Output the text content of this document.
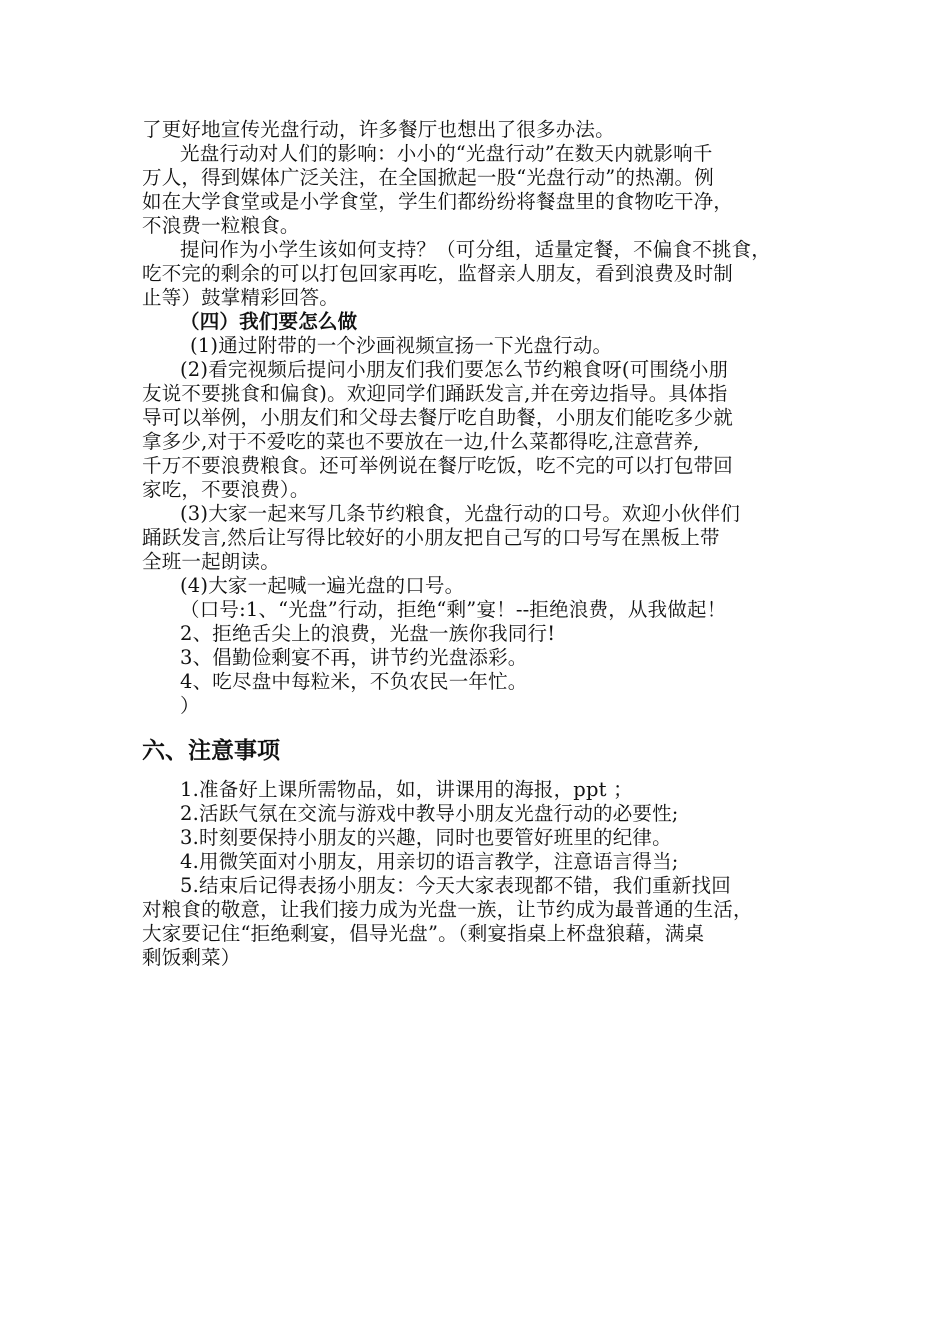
了更好地宣传光盘行动，许多餐厅也想出了很多办法。
光盘行动对人们的影响：小小的“光盘行动”在数天内就影响千
万人，得到媒体广泛关注，在全国掀起一股“光盘行动”的热潮。例
如在大学食堂或是小学食堂，学生们都纷纷将餐盘里的食物吃干净，
不浪费一粒粮食。
提问作为小学生该如何支持？（可分组，适量定餐，不偏食不挑食，
吃不完的剩余的可以打包回家再吃，监督亲人朋友，看到浪费及时制
止等）鼓掌精彩回答。
（四）我们要怎么做
(1)通过附带的一个沙画视频宣扬一下光盘行动。
(2)看完视频后提问小朋友们我们要怎么节约粮食呀(可围绕小朋
友说不要挑食和偏食)。欢迎同学们踊跃发言,并在旁边指导。具体指
导可以举例，小朋友们和父母去餐厅吃自助餐，小朋友们能吃多少就
拿多少,对于不爱吃的菜也不要放在一边,什么菜都得吃,注意营养,
千万不要浪费粮食。还可举例说在餐厅吃饭，吃不完的可以打包带回
家吃，不要浪费）。
(3)大家一起来写几条节约粮食，光盘行动的口号。欢迎小伙伴们
踊跃发言,然后让写得比较好的小朋友把自己写的口号写在黑板上带
全班一起朗读。
(4)大家一起喊一遍光盘的口号。
（口号:1、“光盘”行动，拒绝“剩”宴！--拒绝浪费，从我做起！
2、拒绝舌尖上的浪费，光盘一族你我同行!
3、倡勤俭剩宴不再，讲节约光盘添彩。
4、吃尽盘中每粒米，不负农民一年忙。
）
六、注意事项
1.准备好上课所需物品，如，讲课用的海报，ppt ；
2.活跃气氛在交流与游戏中教导小朋友光盘行动的必要性;
3.时刻要保持小朋友的兴趣，同时也要管好班里的纪律。
4.用微笑面对小朋友，用亲切的语言教学，注意语言得当;
5.结束后记得表扬小朋友：今天大家表现都不错，我们重新找回
对粮食的敬意，让我们接力成为光盘一族，让节约成为最普通的生活，
大家要记住“拒绝剩宴，倡导光盘”。（剩宴指桌上杯盘狼藉，满桌
剩饭剩菜）
